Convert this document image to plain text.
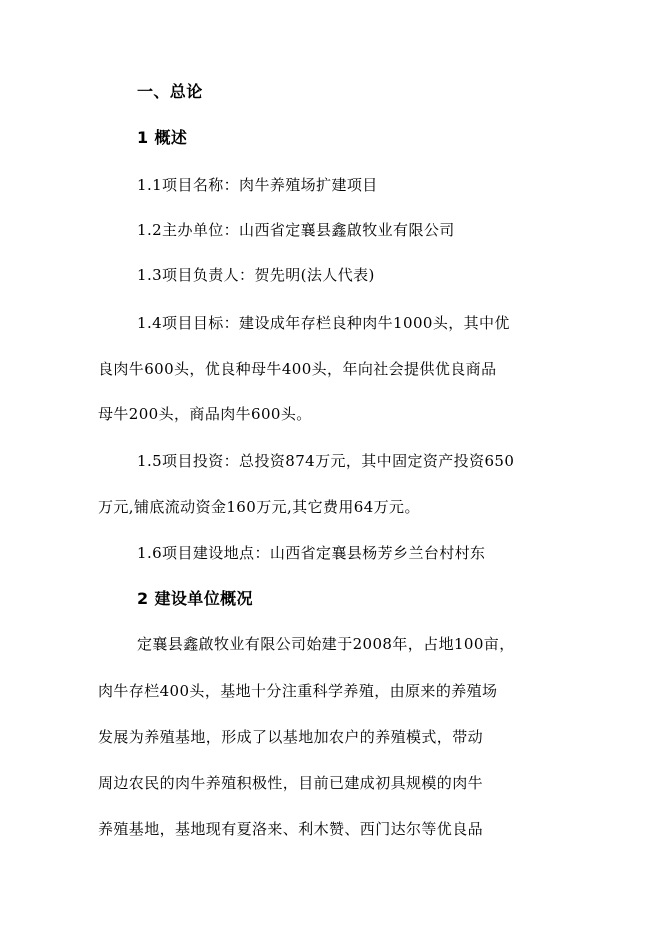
一、总论
1 概述
1.1项目名称：肉牛养殖场扩建项目
1.2主办单位：山西省定襄县鑫啟牧业有限公司
1.3项目负责人：贺先明(法人代表)
1.4项目目标：建设成年存栏良种肉牛1000头，其中优
良肉牛600头，优良种母牛400头，年向社会提供优良商品
母牛200头，商品肉牛600头。
1.5项目投资：总投资874万元，其中固定资产投资650
万元,铺底流动资金160万元,其它费用64万元。
1.6项目建设地点：山西省定襄县杨芳乡兰台村村东
2 建设单位概况
定襄县鑫啟牧业有限公司始建于2008年，占地100亩，
肉牛存栏400头，基地十分注重科学养殖，由原来的养殖场
发展为养殖基地，形成了以基地加农户的养殖模式，带动
周边农民的肉牛养殖积极性，目前已建成初具规模的肉牛
养殖基地，基地现有夏洛来、利木赞、西门达尔等优良品
